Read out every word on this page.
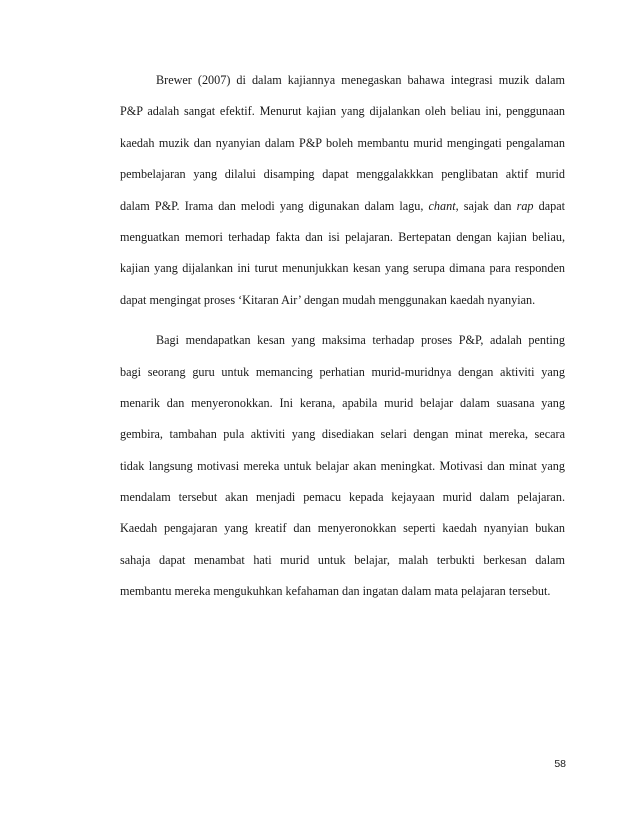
Brewer (2007) di dalam kajiannya menegaskan bahawa integrasi muzik dalam
P&P adalah sangat efektif. Menurut kajian yang dijalankan oleh beliau ini, penggunaan
kaedah muzik dan nyanyian dalam P&P boleh membantu murid mengingati pengalaman
pembelajaran yang dilalui disamping dapat menggalakkkan penglibatan aktif murid
dalam P&P. Irama dan melodi yang digunakan dalam lagu, chant, sajak dan rap dapat
menguatkan memori terhadap fakta dan isi pelajaran. Bertepatan dengan kajian beliau,
kajian yang dijalankan ini turut menunjukkan kesan yang serupa dimana para responden
dapat mengingat proses ‘Kitaran Air’ dengan mudah menggunakan kaedah nyanyian.
Bagi mendapatkan kesan yang maksima terhadap proses P&P, adalah penting
bagi seorang guru untuk memancing perhatian murid-muridnya dengan aktiviti yang
menarik dan menyeronokkan. Ini kerana, apabila murid belajar dalam suasana yang
gembira, tambahan pula aktiviti yang disediakan selari dengan minat mereka, secara
tidak langsung motivasi mereka untuk belajar akan meningkat. Motivasi dan minat yang
mendalam tersebut akan menjadi pemacu kepada kejayaan murid dalam pelajaran.
Kaedah pengajaran yang kreatif dan menyeronokkan seperti kaedah nyanyian bukan
sahaja dapat menambat hati murid untuk belajar, malah terbukti berkesan dalam
membantu mereka mengukuhkan kefahaman dan ingatan dalam mata pelajaran tersebut.
58
